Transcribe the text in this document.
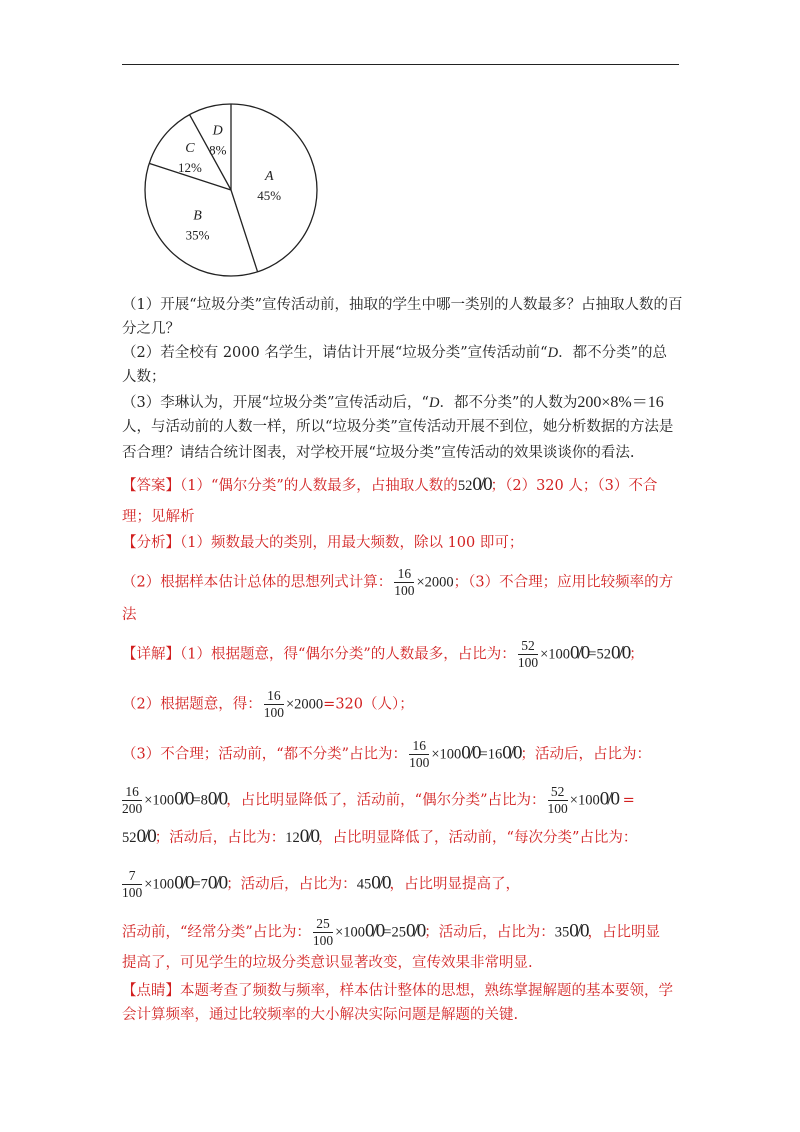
A
45%
B
35%
C
12%
D
8%
（1）开展“垃圾分类”宣传活动前，抽取的学生中哪一类别的人数最多？占抽取人数的百
分之几？
（2）若全校有 2000 名学生，请估计开展“垃圾分类”宣传活动前“D．都不分类”的总
人数；
（3）李琳认为，开展“垃圾分类”宣传活动后，“D．都不分类”的人数为200×8%＝16
人，与活动前的人数一样，所以“垃圾分类”宣传活动开展不到位，她分析数据的方法是
否合理？请结合统计图表，对学校开展“垃圾分类”宣传活动的效果谈谈你的看法.
【答案】（1）“偶尔分类”的人数最多，占抽取人数的520/0；（2）320 人；（3）不合
理；见解析
【分析】（1）频数最大的类别，用最大频数，除以 100 即可；
（2）根据样本估计总体的思想列式计算： $\frac{16}{100} \times 2000$；（3）不合理；应用比较频率的方
法
【详解】（1）根据题意，得“偶尔分类”的人数最多，占比为： $\frac{52}{100} \times 1000/0=520/0$；
（2）根据题意，得： $\frac{16}{100} \times 2000=320$（人）；
（3）不合理；活动前，“都不分类”占比为： $\frac{16}{100} \times 1000/0=160/0$；活动后，占比为：
$\frac{16}{200} \times 1000/0=80/0$，占比明显降低了，活动前，“偶尔分类”占比为： $\frac{52}{100} \times 1000/0$ =
520/0；活动后，占比为：120/0，占比明显降低了，活动前，“每次分类”占比为：
$\frac{7}{100} \times 1000/0=70/0$；活动后，占比为：450/0，占比明显提高了，
活动前，“经常分类”占比为： $\frac{25}{100} \times 1000/0=250/0$；活动后，占比为：350/0，占比明显
提高了，可见学生的垃圾分类意识显著改变，宣传效果非常明显.
【点睛】本题考查了频数与频率，样本估计整体的思想，熟练掌握解题的基本要领，学
会计算频率，通过比较频率的大小解决实际问题是解题的关键.
